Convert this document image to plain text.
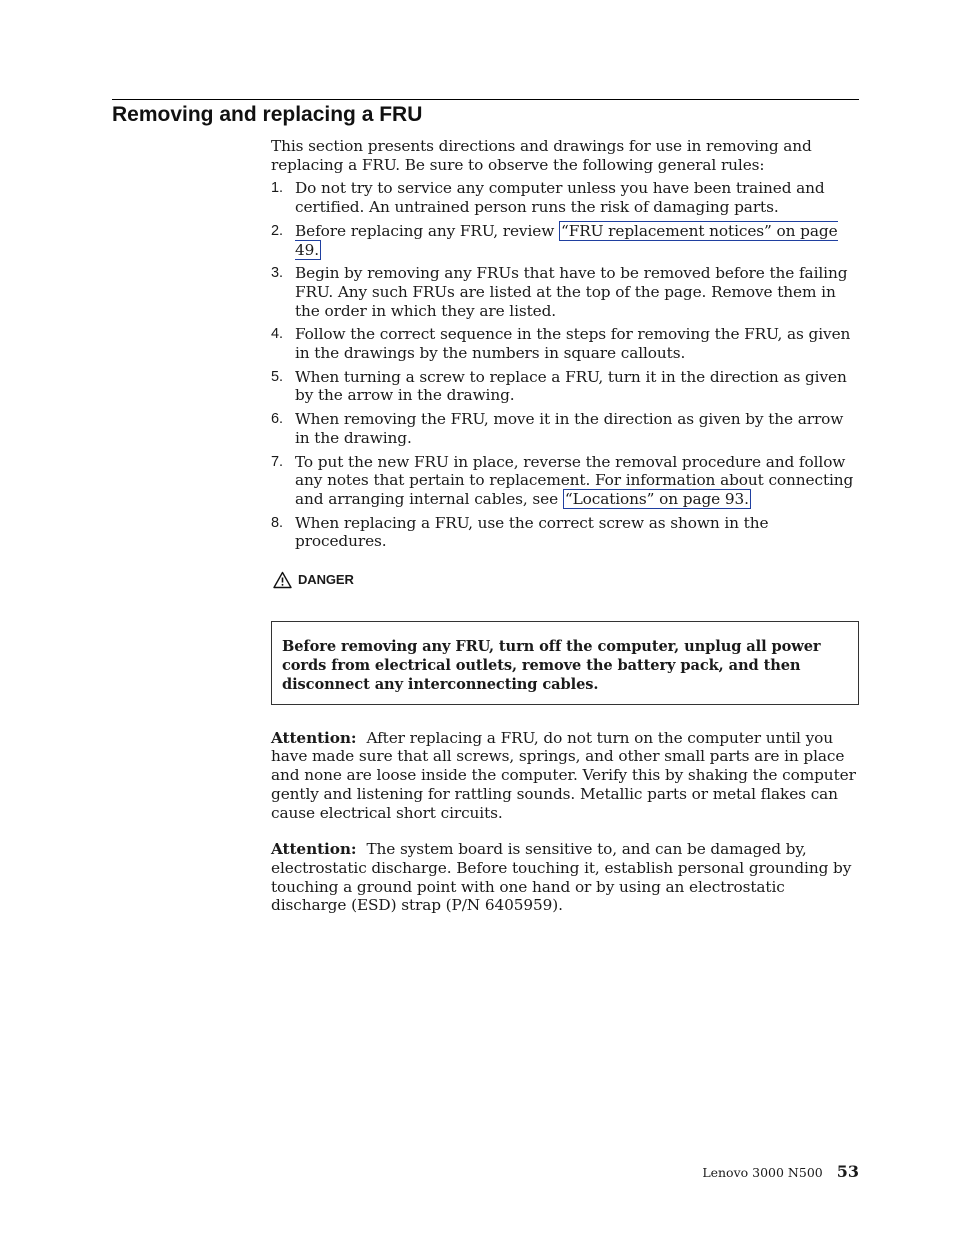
Removing and replacing a FRU

This section presents directions and drawings for use in removing and replacing a FRU. Be sure to observe the following general rules:

1. Do not try to service any computer unless you have been trained and certified. An untrained person runs the risk of damaging parts.
2. Before replacing any FRU, review “FRU replacement notices” on page 49.
3. Begin by removing any FRUs that have to be removed before the failing FRU. Any such FRUs are listed at the top of the page. Remove them in the order in which they are listed.
4. Follow the correct sequence in the steps for removing the FRU, as given in the drawings by the numbers in square callouts.
5. When turning a screw to replace a FRU, turn it in the direction as given by the arrow in the drawing.
6. When removing the FRU, move it in the direction as given by the arrow in the drawing.
7. To put the new FRU in place, reverse the removal procedure and follow any notes that pertain to replacement. For information about connecting and arranging internal cables, see “Locations” on page 93.
8. When replacing a FRU, use the correct screw as shown in the procedures.
DANGER
Before removing any FRU, turn off the computer, unplug all power cords from electrical outlets, remove the battery pack, and then disconnect any interconnecting cables.

Attention: After replacing a FRU, do not turn on the computer until you have made sure that all screws, springs, and other small parts are in place and none are loose inside the computer. Verify this by shaking the computer gently and listening for rattling sounds. Metallic parts or metal flakes can cause electrical short circuits.

Attention: The system board is sensitive to, and can be damaged by, electrostatic discharge. Before touching it, establish personal grounding by touching a ground point with one hand or by using an electrostatic discharge (ESD) strap (P/N 6405959).

Lenovo 3000 N500 53
